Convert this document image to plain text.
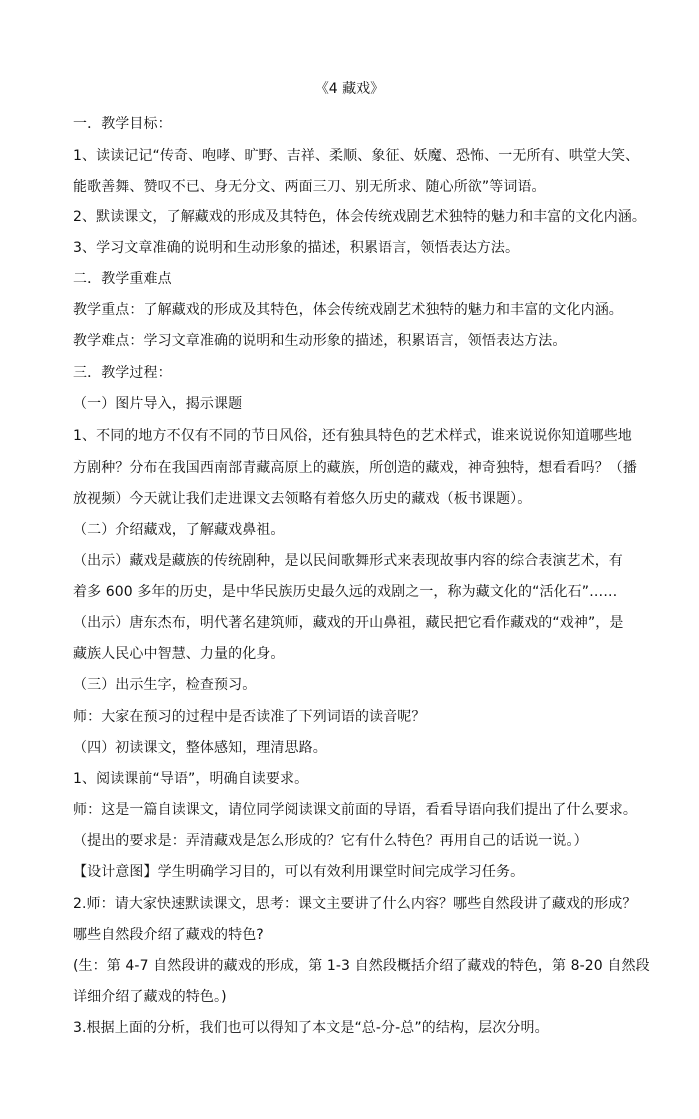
《4 藏戏》
一．教学目标：
1、读读记记“传奇、咆哮、旷野、吉祥、柔顺、象征、妖魔、恐怖、一无所有、哄堂大笑、
能歌善舞、赞叹不已、身无分文、两面三刀、别无所求、随心所欲”等词语。
2、默读课文，了解藏戏的形成及其特色，体会传统戏剧艺术独特的魅力和丰富的文化内涵。
3、学习文章准确的说明和生动形象的描述，积累语言，领悟表达方法。
二．教学重难点
教学重点：了解藏戏的形成及其特色，体会传统戏剧艺术独特的魅力和丰富的文化内涵。
教学难点：学习文章准确的说明和生动形象的描述，积累语言，领悟表达方法。
三．教学过程：
（一）图片导入，揭示课题
1、不同的地方不仅有不同的节日风俗，还有独具特色的艺术样式，谁来说说你知道哪些地
方剧种？分布在我国西南部青藏高原上的藏族，所创造的藏戏，神奇独特，想看看吗？（播
放视频）今天就让我们走进课文去领略有着悠久历史的藏戏（板书课题）。
（二）介绍藏戏，了解藏戏鼻祖。
（出示）藏戏是藏族的传统剧种，是以民间歌舞形式来表现故事内容的综合表演艺术，有
着多 600 多年的历史，是中华民族历史最久远的戏剧之一，称为藏文化的“活化石”……
（出示）唐东杰布，明代著名建筑师，藏戏的开山鼻祖，藏民把它看作藏戏的“戏神”，是
藏族人民心中智慧、力量的化身。
（三）出示生字，检查预习。
师：大家在预习的过程中是否读准了下列词语的读音呢？
（四）初读课文，整体感知，理清思路。
1、阅读课前“导语”，明确自读要求。
师：这是一篇自读课文，请位同学阅读课文前面的导语，看看导语向我们提出了什么要求。
（提出的要求是：弄清藏戏是怎么形成的？它有什么特色？再用自己的话说一说。）
【设计意图】学生明确学习目的，可以有效利用课堂时间完成学习任务。
2.师：请大家快速默读课文，思考：课文主要讲了什么内容？哪些自然段讲了藏戏的形成？
哪些自然段介绍了藏戏的特色?
(生：第 4-7 自然段讲的藏戏的形成，第 1-3 自然段概括介绍了藏戏的特色，第 8-20 自然段
详细介绍了藏戏的特色。)
3.根据上面的分析，我们也可以得知了本文是“总-分-总”的结构，层次分明。
